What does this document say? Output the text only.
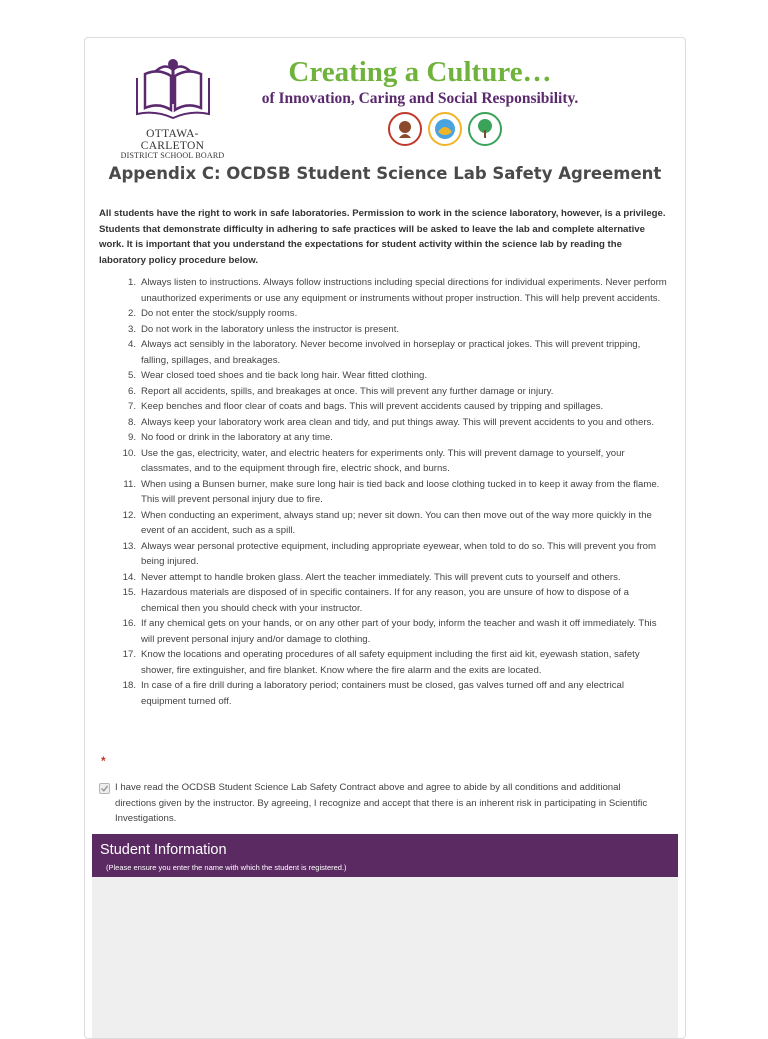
OTTAWA-CARLETON
DISTRICT SCHOOL BOARD
Creating a Culture…
of Innovation, Caring and Social Responsibility.
Appendix C: OCDSB Student Science Lab Safety Agreement
All students have the right to work in safe laboratories. Permission to work in the science laboratory, however, is a privilege. Students that demonstrate difficulty in adhering to safe practices will be asked to leave the lab and complete alternative work. It is important that you understand the expectations for student activity within the science lab by reading the laboratory policy procedure below.
1. Always listen to instructions. Always follow instructions including special directions for individual experiments. Never perform unauthorized experiments or use any equipment or instruments without proper instruction. This will help prevent accidents.
2. Do not enter the stock/supply rooms.
3. Do not work in the laboratory unless the instructor is present.
4. Always act sensibly in the laboratory. Never become involved in horseplay or practical jokes. This will prevent tripping, falling, spillages, and breakages.
5. Wear closed toed shoes and tie back long hair. Wear fitted clothing.
6. Report all accidents, spills, and breakages at once. This will prevent any further damage or injury.
7. Keep benches and floor clear of coats and bags. This will prevent accidents caused by tripping and spillages.
8. Always keep your laboratory work area clean and tidy, and put things away. This will prevent accidents to you and others.
9. No food or drink in the laboratory at any time.
10. Use the gas, electricity, water, and electric heaters for experiments only. This will prevent damage to yourself, your classmates, and to the equipment through fire, electric shock, and burns.
11. When using a Bunsen burner, make sure long hair is tied back and loose clothing tucked in to keep it away from the flame. This will prevent personal injury due to fire.
12. When conducting an experiment, always stand up; never sit down. You can then move out of the way more quickly in the event of an accident, such as a spill.
13. Always wear personal protective equipment, including appropriate eyewear, when told to do so. This will prevent you from being injured.
14. Never attempt to handle broken glass. Alert the teacher immediately. This will prevent cuts to yourself and others.
15. Hazardous materials are disposed of in specific containers. If for any reason, you are unsure of how to dispose of a chemical then you should check with your instructor.
16. If any chemical gets on your hands, or on any other part of your body, inform the teacher and wash it off immediately. This will prevent personal injury and/or damage to clothing.
17. Know the locations and operating procedures of all safety equipment including the first aid kit, eyewash station, safety shower, fire extinguisher, and fire blanket. Know where the fire alarm and the exits are located.
18. In case of a fire drill during a laboratory period; containers must be closed, gas valves turned off and any electrical equipment turned off.
*
I have read the OCDSB Student Science Lab Safety Contract above and agree to abide by all conditions and additional directions given by the instructor. By agreeing, I recognize and accept that there is an inherent risk in participating in Scientific Investigations.
Student Information
(Please ensure you enter the name with which the student is registered.)
